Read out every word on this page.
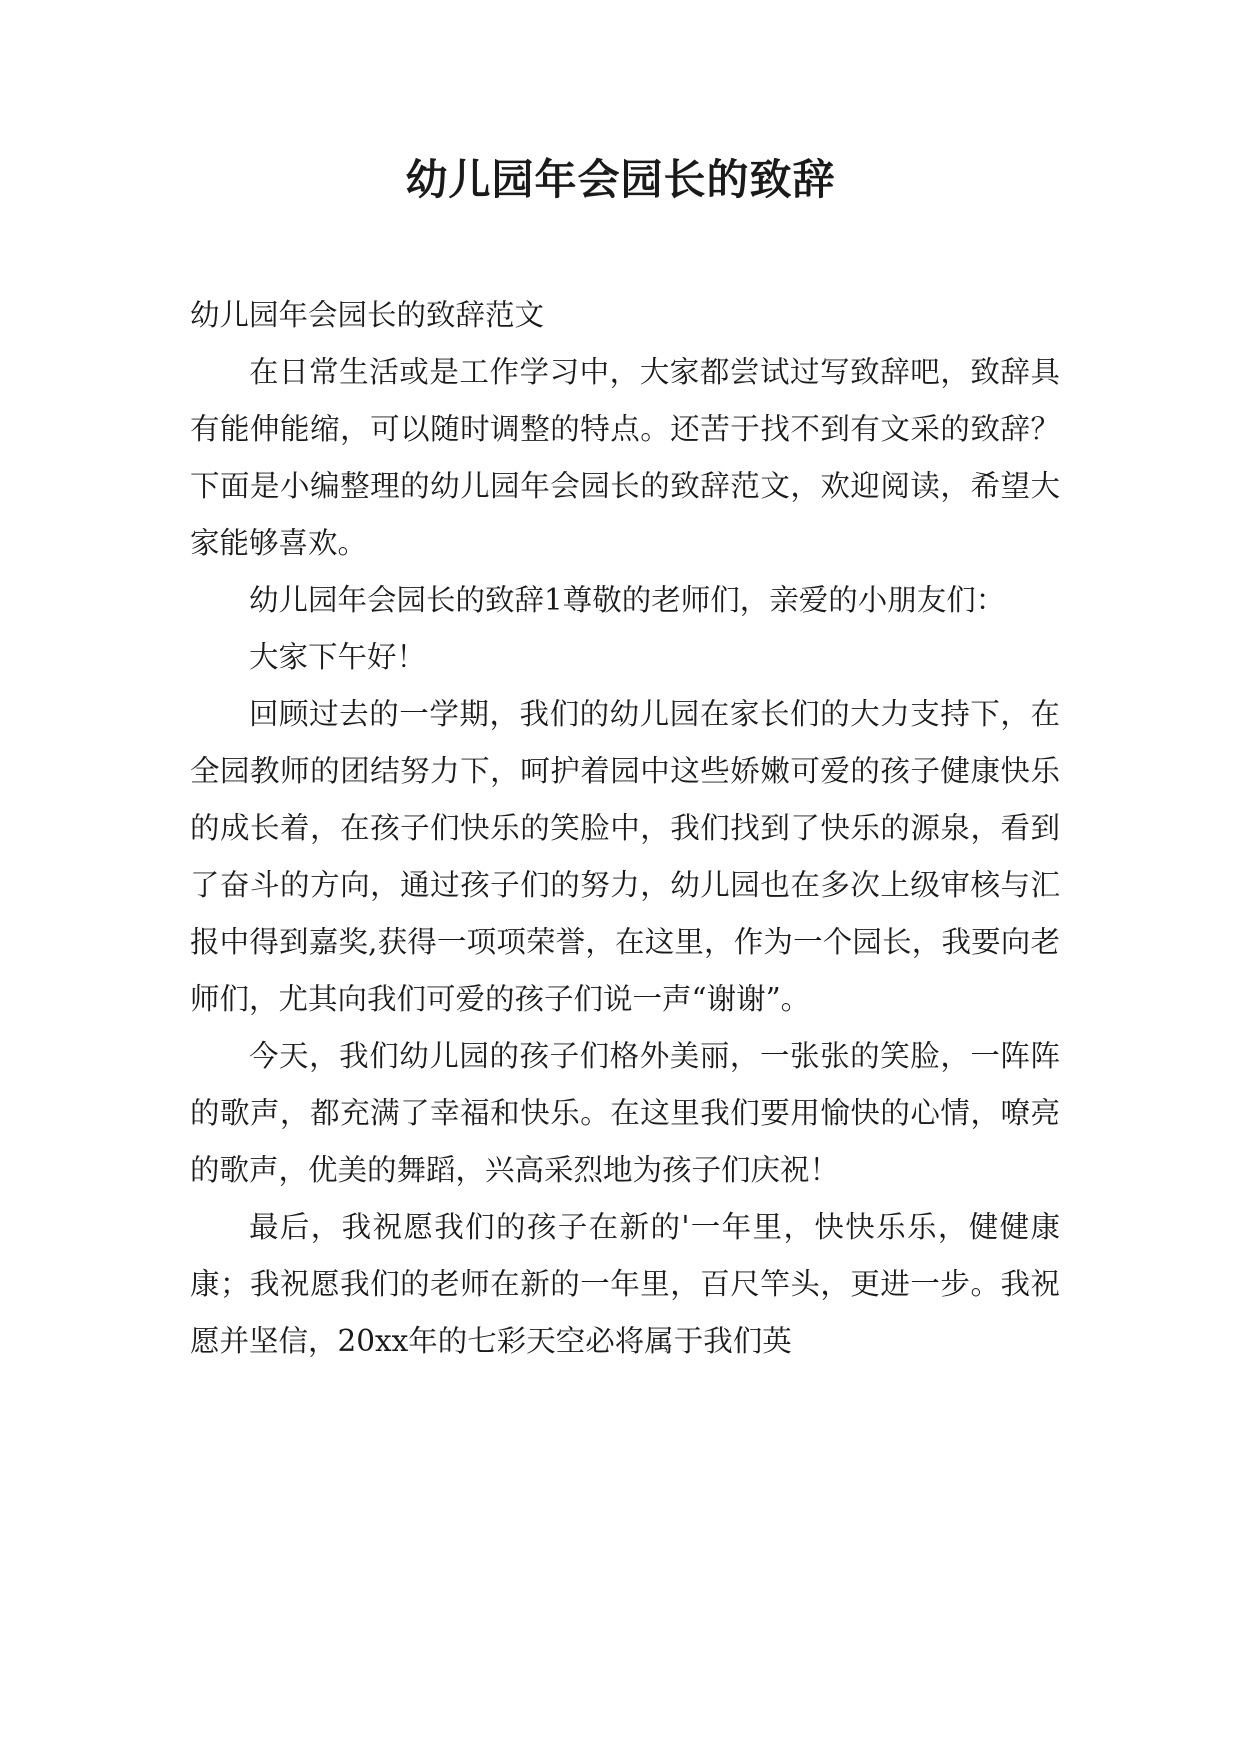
幼儿园年会园长的致辞

幼儿园年会园长的致辞范文

在日常生活或是工作学习中，大家都尝试过写致辞吧，致辞具有能伸能缩，可以随时调整的特点。还苦于找不到有文采的致辞？下面是小编整理的幼儿园年会园长的致辞范文，欢迎阅读，希望大家能够喜欢。

幼儿园年会园长的致辞1尊敬的老师们，亲爱的小朋友们：

大家下午好！

回顾过去的一学期，我们的幼儿园在家长们的大力支持下，在全园教师的团结努力下，呵护着园中这些娇嫩可爱的孩子健康快乐的成长着，在孩子们快乐的笑脸中，我们找到了快乐的源泉，看到了奋斗的方向，通过孩子们的努力，幼儿园也在多次上级审核与汇报中得到嘉奖,获得一项项荣誉，在这里，作为一个园长，我要向老师们，尤其向我们可爱的孩子们说一声“谢谢”。

今天，我们幼儿园的孩子们格外美丽，一张张的笑脸，一阵阵的歌声，都充满了幸福和快乐。在这里我们要用愉快的心情，嘹亮的歌声，优美的舞蹈，兴高采烈地为孩子们庆祝！

最后，我祝愿我们的孩子在新的'一年里，快快乐乐，健健康康；我祝愿我们的老师在新的一年里，百尺竿头，更进一步。我祝愿并坚信，20xx年的七彩天空必将属于我们英
